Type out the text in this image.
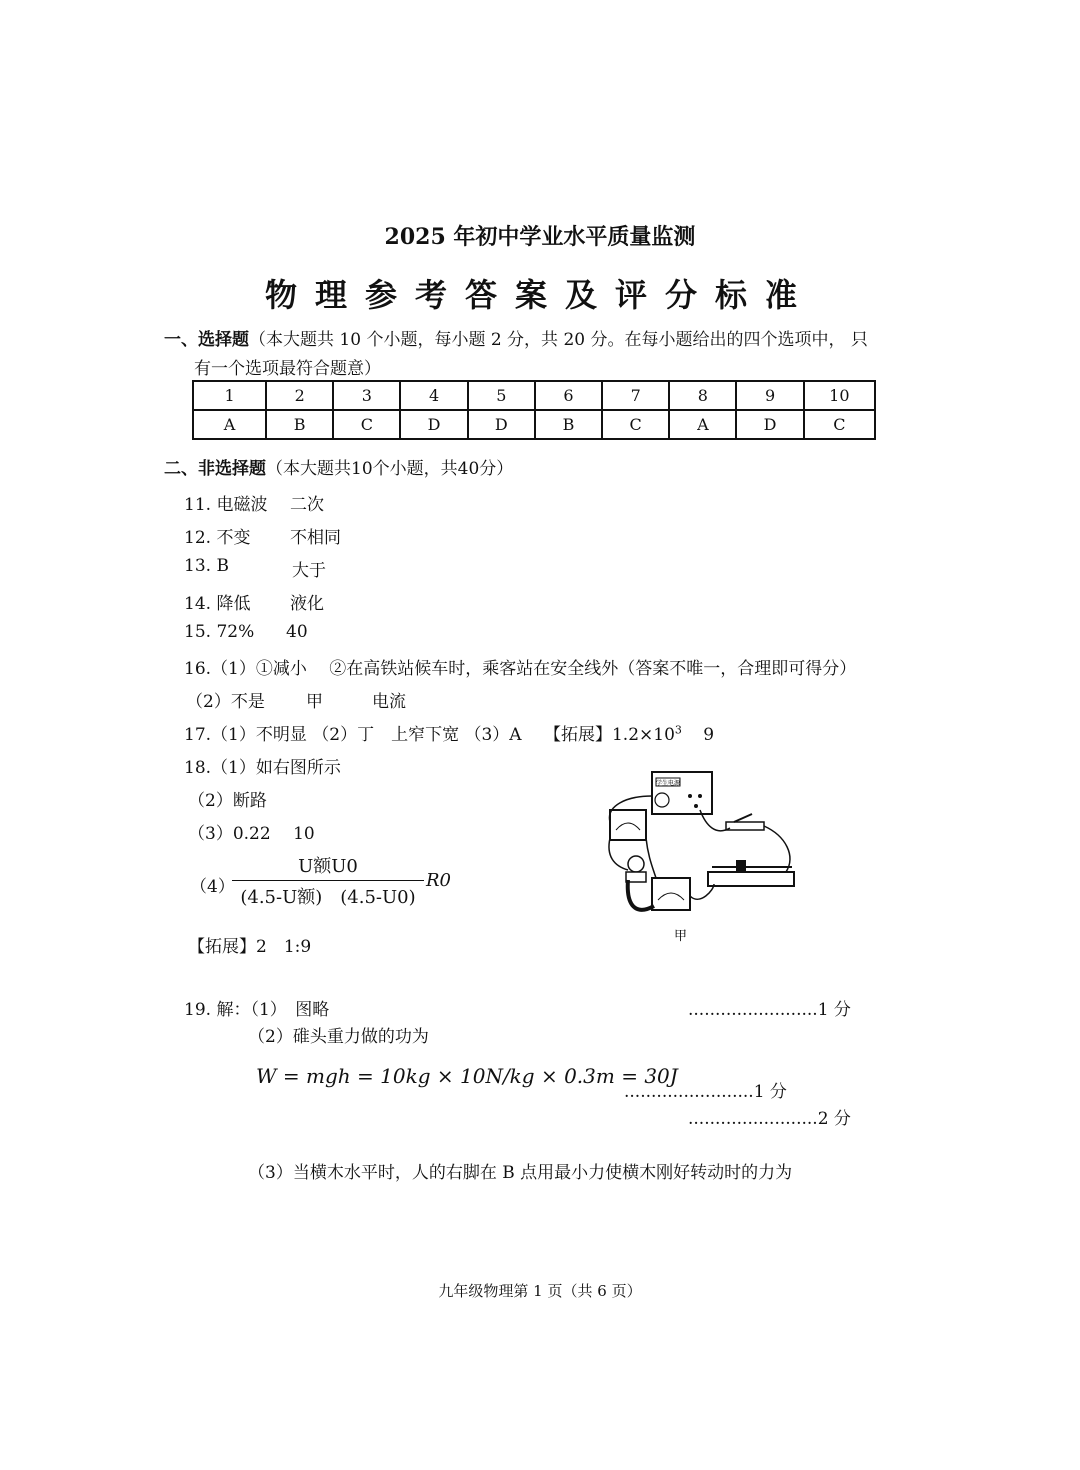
2025 年初中学业水平质量监测
物理参考答案及评分标准
一、选择题（本大题共 10 个小题，每小题 2 分，共 20 分。在每小题给出的四个选项中， 只
有一个选项最符合题意）
1	2	3	4	5	6	7	8	9	10
A	B	C	D	D	B	C	A	D	C
二、非选择题（本大题共10个小题，共40分）
11. 电磁波 二次
12. 不变 不相同
13. B	大于
14. 降低 液化
15. 72% 40
16.（1）①减小　 ②在高铁站候车时，乘客站在安全线外（答案不唯一，合理即可得分）
（2）不是 甲	电流
17.（1）不明显 （2）丁　上窄下宽 （3）A　 【拓展】$1.2\times 10^3$ 9
18.（1）如右图所示
（2）断路
（3）0.22　 10
（4）
U额U0
(4.5-U额)　(4.5-U0)
R0
【拓展】2　1:9
学生电源
甲
19. 解：（1）　图略	........................1 分
（2）碓头重力做的功为
W = mgh = 10kg × 10N/kg × 0.3m = 30J
........................1 分
........................2 分
（3）当横木水平时，人的右脚在 B 点用最小力使横木刚好转动时的力为
九年级物理第 1 页（共 6 页）
